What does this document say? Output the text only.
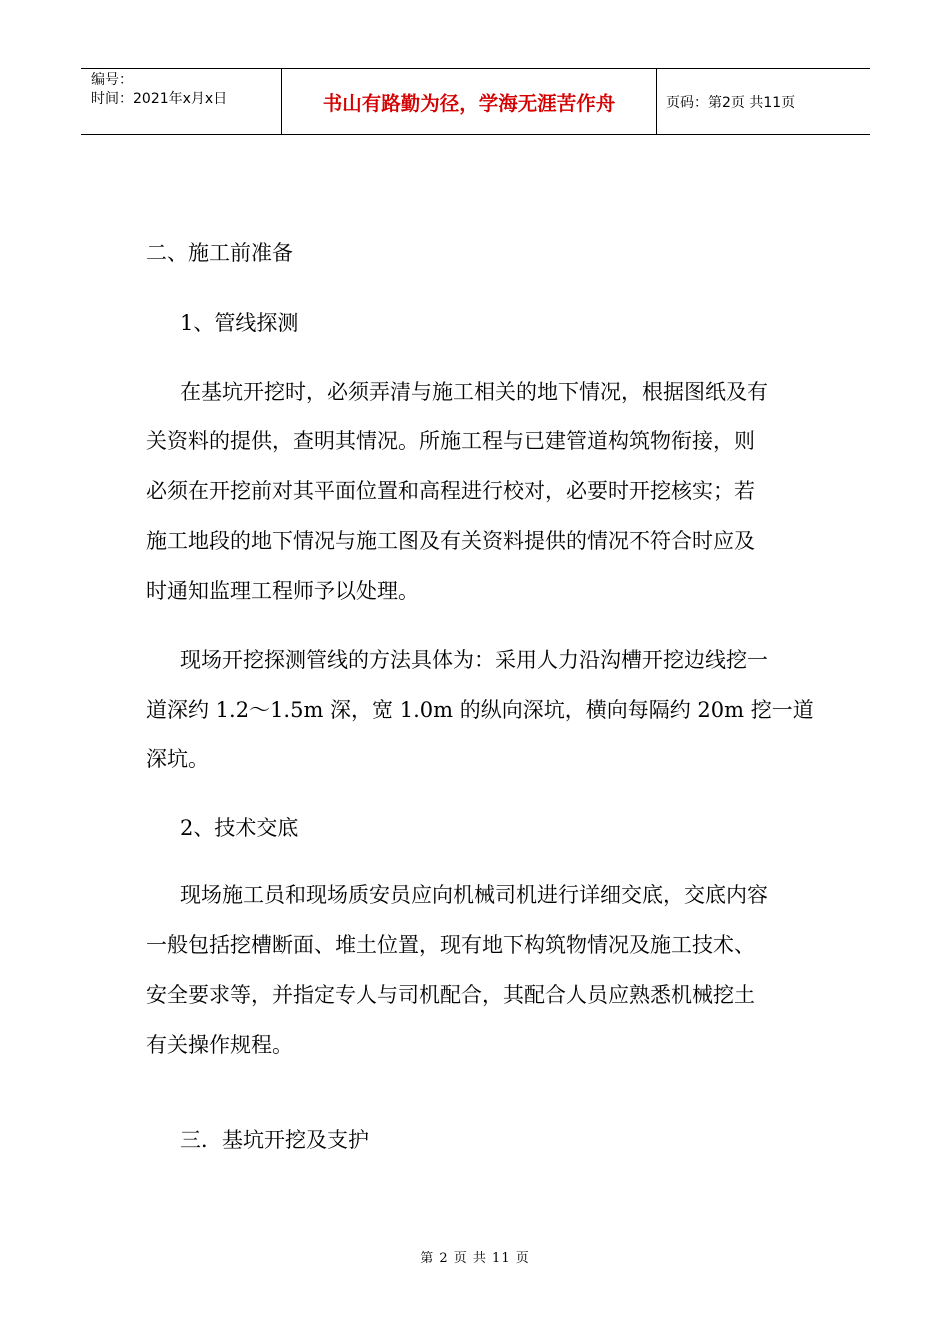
编号：
时间：2021年x月x日	书山有路勤为径，学海无涯苦作舟	页码：第2页 共11页
二、施工前准备
1、管线探测
在基坑开挖时，必须弄清与施工相关的地下情况，根据图纸及有
关资料的提供，查明其情况。所施工程与已建管道构筑物衔接，则
必须在开挖前对其平面位置和高程进行校对，必要时开挖核实；若
施工地段的地下情况与施工图及有关资料提供的情况不符合时应及
时通知监理工程师予以处理。
现场开挖探测管线的方法具体为：采用人力沿沟槽开挖边线挖一
道深约 1.2～1.5m 深，宽 1.0m 的纵向深坑，横向每隔约 20m 挖一道
深坑。
2、技术交底
现场施工员和现场质安员应向机械司机进行详细交底，交底内容
一般包括挖槽断面、堆土位置，现有地下构筑物情况及施工技术、
安全要求等，并指定专人与司机配合，其配合人员应熟悉机械挖土
有关操作规程。
三．基坑开挖及支护
第 2 页 共 11 页
